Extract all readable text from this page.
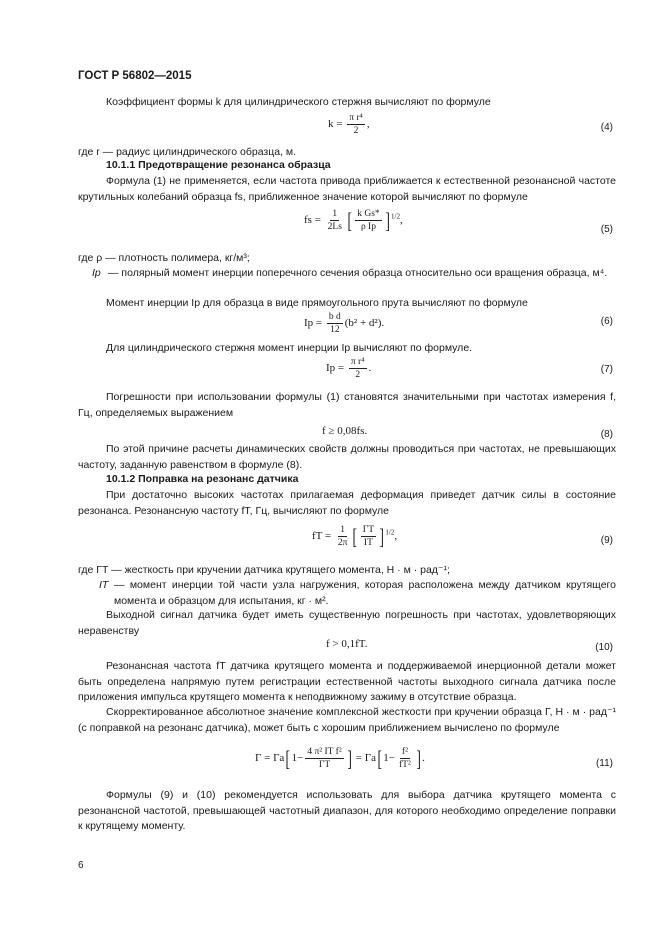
ГОСТ Р 56802—2015
Коэффициент формы k для цилиндрического стержня вычисляют по формуле
$k = \frac{\text{π r⁴}}{2}$ ,	(4)
где r — радиус цилиндрического образца, м.
10.1.1 Предотвращение резонанса образца
Формула (1) не применяется, если частота привода приближается к естественной резонансной частоте крутильных колебаний образца fs, приближенное значение которой вычисляют по формуле
fs = $\frac{1}{2Ls}$ [ $\frac{\text{k Gs*}}{\text{ρ Ip}} ]^{1/2}$,
(5)
где ρ — плотность полимера, кг/м³;
Ip — полярный момент инерции поперечного сечения образца относительно оси вращения образца, м⁴.
Момент инерции Ip для образца в виде прямоугольного прута вычисляют по формуле
$Ip = \frac{\text{b d}}{12} (b^2 + d^2)$.	(6)
Для цилиндрического стержня момент инерции Ip вычисляют по формуле.
$Ip = \frac{\text{π r⁴}}{2}$ .	(7)
Погрешности при использовании формулы (1) становятся значительными при частотах измерения f, Гц, определяемых выражением
f ≥ 0,08fs.	(8)
По этой причине расчеты динамических свойств должны проводиться при частотах, не превышающих частоту, заданную равенством в формуле (8).
10.1.2 Поправка на резонанс датчика
При достаточно высоких частотах прилагаемая деформация приведет датчик силы в состояние резонанса. Резонансную частоту fT, Гц, вычисляют по формуле
fT = $\frac{1}{2\pi}$ [ $\frac{\Gamma T}{IT} ]^{1/2}$,	(9)
где ΓT — жесткость при кручении датчика крутящего момента, Н · м · рад⁻¹;
IT — момент инерции той части узла нагружения, которая расположена между датчиком крутящего момента и образцом для испытания, кг · м².
Выходной сигнал датчика будет иметь существенную погрешность при частотах, удовлетворяющих неравенству
f > 0,1fT.	(10)
Резонансная частота fT датчика крутящего момента и поддерживаемой инерционной детали может быть определена напрямую путем регистрации естественной частоты выходного сигнала датчика после приложения импульса крутящего момента к неподвижному зажиму в отсутствие образца.
Скорректированное абсолютное значение комплексной жесткости при кручении образца Γ, Н · м · рад⁻¹ (с поправкой на резонанс датчика), может быть с хорошим приближением вычислено по формуле
$\Gamma = \Gamma a[1- \frac{\text{4 π² IT f²}}{\Gamma T}$ ] = $\Gamma a[1- \frac{\text{f²}}{\text{fT²}}$ ].	(11)
Формулы (9) и (10) рекомендуется использовать для выбора датчика крутящего момента с резонансной частотой, превышающей частотный диапазон, для которого необходимо определение поправки к крутящему моменту.
6
